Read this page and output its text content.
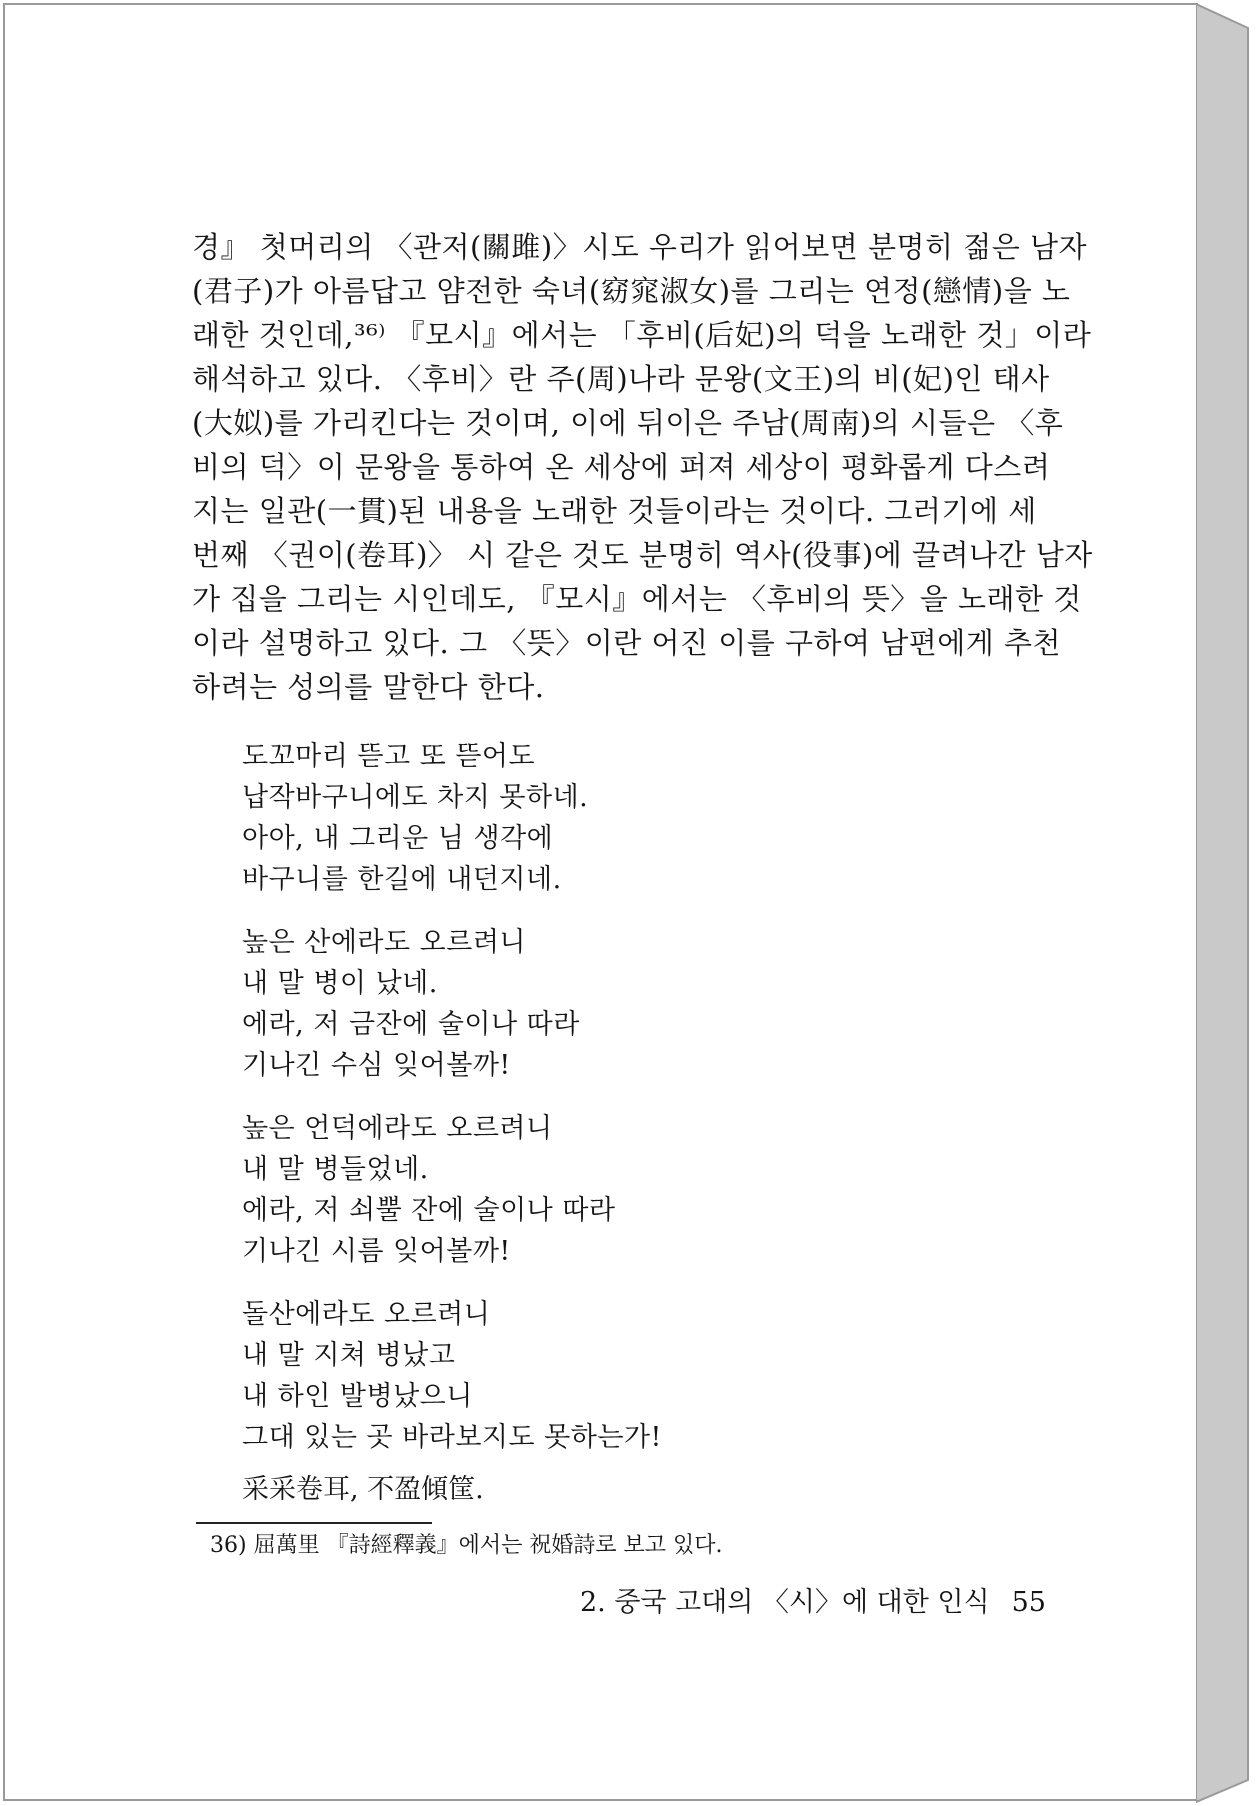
경』 첫머리의 〈관저(關雎)〉시도 우리가 읽어보면 분명히 젊은 남자
(君子)가 아름답고 얌전한 숙녀(窈窕淑女)를 그리는 연정(戀情)을 노
래한 것인데,³⁶⁾ 『모시』에서는 「후비(后妃)의 덕을 노래한 것」이라
해석하고 있다. 〈후비〉란 주(周)나라 문왕(文王)의 비(妃)인 태사
(大姒)를 가리킨다는 것이며, 이에 뒤이은 주남(周南)의 시들은 〈후
비의 덕〉이 문왕을 통하여 온 세상에 퍼져 세상이 평화롭게 다스려
지는 일관(一貫)된 내용을 노래한 것들이라는 것이다. 그러기에 세
번째 〈권이(卷耳)〉 시 같은 것도 분명히 역사(役事)에 끌려나간 남자
가 집을 그리는 시인데도, 『모시』에서는 〈후비의 뜻〉을 노래한 것
이라 설명하고 있다. 그 〈뜻〉이란 어진 이를 구하여 남편에게 추천
하려는 성의를 말한다 한다.
도꼬마리 뜯고 또 뜯어도
납작바구니에도 차지 못하네.
아아, 내 그리운 님 생각에
바구니를 한길에 내던지네.
높은 산에라도 오르려니
내 말 병이 났네.
에라, 저 금잔에 술이나 따라
기나긴 수심 잊어볼까!
높은 언덕에라도 오르려니
내 말 병들었네.
에라, 저 쇠뿔 잔에 술이나 따라
기나긴 시름 잊어볼까!
돌산에라도 오르려니
내 말 지쳐 병났고
내 하인 발병났으니
그대 있는 곳 바라보지도 못하는가!
采采卷耳, 不盈傾筐.
36) 屈萬里 『詩經釋義』에서는 祝婚詩로 보고 있다.
2. 중국 고대의 〈시〉에 대한 인식 55
